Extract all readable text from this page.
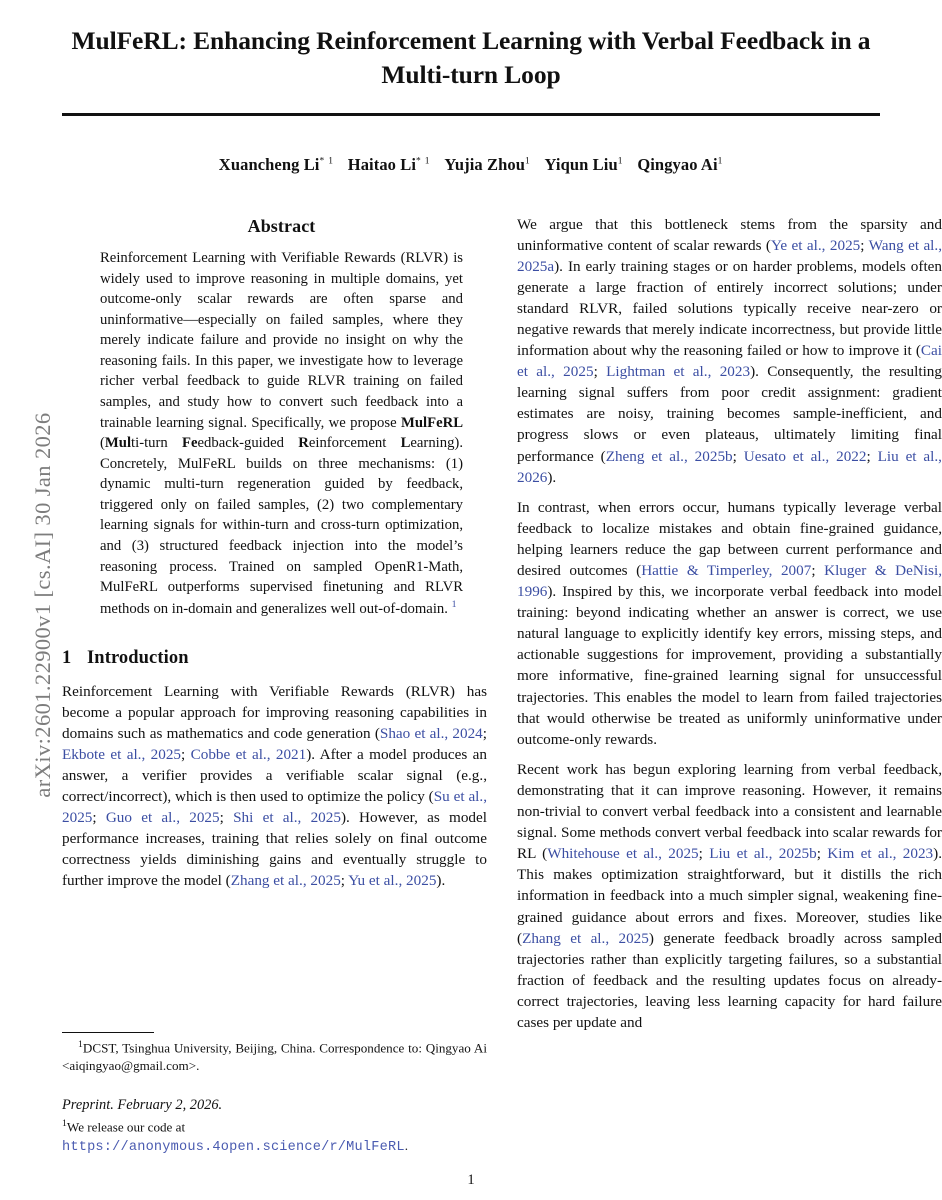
arXiv:2601.22900v1 [cs.AI] 30 Jan 2026
MulFeRL: Enhancing Reinforcement Learning with Verbal Feedback in a Multi-turn Loop
Xuancheng Li$^{* 1}$ Haitao Li$^{* 1}$ Yujia Zhou$^1$ Yiqun Liu$^1$ Qingyao Ai$^1$
Abstract

Reinforcement Learning with Verifiable Rewards (RLVR) is widely used to improve reasoning in multiple domains, yet outcome-only scalar rewards are often sparse and uninformative—especially on failed samples, where they merely indicate failure and provide no insight on why the reasoning fails. In this paper, we investigate how to leverage richer verbal feedback to guide RLVR training on failed samples, and study how to convert such feedback into a trainable learning signal. Specifically, we propose MulFeRL (Multi-turn Feedback-guided Reinforcement Learning). Concretely, MulFeRL builds on three mechanisms: (1) dynamic multi-turn regeneration guided by feedback, triggered only on failed samples, (2) two complementary learning signals for within-turn and cross-turn optimization, and (3) structured feedback injection into the model’s reasoning process. Trained on sampled OpenR1-Math, MulFeRL outperforms supervised finetuning and RLVR methods on in-domain and generalizes well out-of-domain. $^1$

1 Introduction

Reinforcement Learning with Verifiable Rewards (RLVR) has become a popular approach for improving reasoning capabilities in domains such as mathematics and code generation (Shao et al., 2024; Ekbote et al., 2025; Cobbe et al., 2021). After a model produces an answer, a verifier provides a verifiable scalar signal (e.g., correct/incorrect), which is then used to optimize the policy (Su et al., 2025; Guo et al., 2025; Shi et al., 2025). However, as model performance increases, training that relies solely on final outcome correctness yields diminishing gains and eventually struggle to further improve the model (Zhang et al., 2025; Yu et al., 2025).

We argue that this bottleneck stems from the sparsity and uninformative content of scalar rewards (Ye et al., 2025; Wang et al., 2025a). In early training stages or on harder problems, models often generate a large fraction of entirely incorrect solutions; under standard RLVR, failed solutions typically receive near-zero or negative rewards that merely indicate incorrectness, but provide little information about why the reasoning failed or how to improve it (Cai et al., 2025; Lightman et al., 2023). Consequently, the resulting learning signal suffers from poor credit assignment: gradient estimates are noisy, training becomes sample-inefficient, and progress slows or even plateaus, ultimately limiting final performance (Zheng et al., 2025b; Uesato et al., 2022; Liu et al., 2026).

In contrast, when errors occur, humans typically leverage verbal feedback to localize mistakes and obtain fine-grained guidance, helping learners reduce the gap between current performance and desired outcomes (Hattie & Timperley, 2007; Kluger & DeNisi, 1996). Inspired by this, we incorporate verbal feedback into model training: beyond indicating whether an answer is correct, we use natural language to explicitly identify key errors, missing steps, and actionable suggestions for improvement, providing a substantially more informative, fine-grained learning signal for unsuccessful trajectories. This enables the model to learn from failed trajectories that would otherwise be treated as uniformly uninformative under outcome-only rewards.

Recent work has begun exploring learning from verbal feedback, demonstrating that it can improve reasoning. However, it remains non-trivial to convert verbal feedback into a consistent and learnable signal. Some methods convert verbal feedback into scalar rewards for RL (Whitehouse et al., 2025; Liu et al., 2025b; Kim et al., 2023). This makes optimization straightforward, but it distills the rich information in feedback into a much simpler signal, weakening fine-grained guidance about errors and fixes. Moreover, studies like (Zhang et al., 2025) generate feedback broadly across sampled trajectories rather than explicitly targeting failures, so a substantial fraction of feedback and the resulting updates focus on already-correct trajectories, leaving less learning capacity for hard failure cases per update and

$^1$DCST, Tsinghua University, Beijing, China. Correspondence to: Qingyao Ai <aiqingyao@gmail.com>.

Preprint. February 2, 2026.

$^1$We release our code at https://anonymous.4open.science/r/MulFeRL.

1
